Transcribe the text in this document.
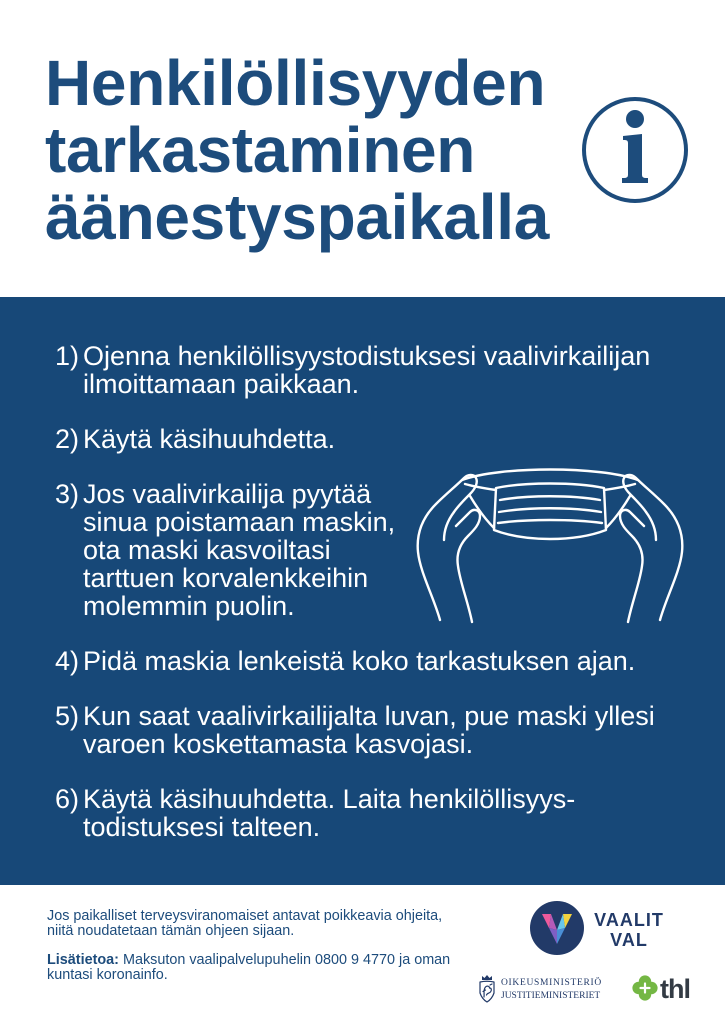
Henkilöllisyyden
tarkastaminen
äänestyspaikalla
1) Ojenna henkilöllisyystodistuksesi vaalivirkailijan
ilmoittamaan paikkaan.
2) Käytä käsihuuhdetta.
3) Jos vaalivirkailija pyytää
sinua poistamaan maskin,
ota maski kasvoiltasi
tarttuen korvalenkkeihin
molemmin puolin.
4) Pidä maskia lenkeistä koko tarkastuksen ajan.
5) Kun saat vaalivirkailijalta luvan, pue maski yllesi
varoen koskettamasta kasvojasi.
6) Käytä käsihuuhdetta. Laita henkilöllisyys-
todistuksesi talteen.
Jos paikalliset terveysviranomaiset antavat poikkeavia ohjeita,
niitä noudatetaan tämän ohjeen sijaan.
Lisätietoa: Maksuton vaalipalvelupuhelin 0800 9 4770 ja oman
kuntasi koronainfo.
VAALIT
VAL
OIKEUSMINISTERIÖ
JUSTITIEMINISTERIET thl
